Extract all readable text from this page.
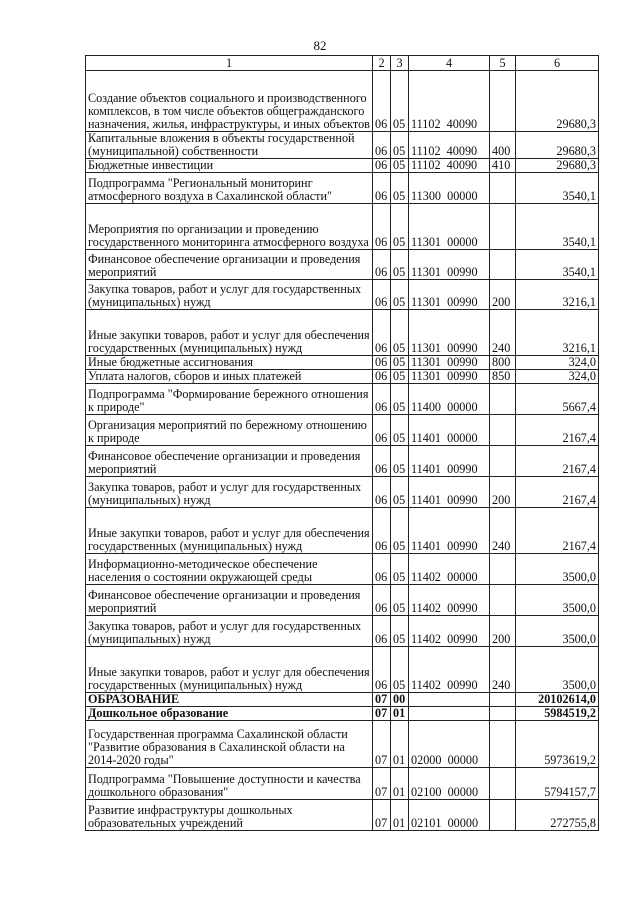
82
1	2	3	4	5	6
Создание объектов социального и производственного комплексов, в том числе объектов общегражданского назначения, жилья, инфраструктуры, и иных объектов	06	05	11102  40090		29680,3
Капитальные вложения в объекты государственной (муниципальной) собственности	06	05	11102  40090	400	29680,3
Бюджетные инвестиции	06	05	11102  40090	410	29680,3
Подпрограмма "Региональный мониторинг атмосферного воздуха в Сахалинской области"	06	05	11300  00000		3540,1
Мероприятия по организации и проведению государственного мониторинга атмосферного воздуха	06	05	11301  00000		3540,1
Финансовое обеспечение организации и проведения мероприятий	06	05	11301  00990		3540,1
Закупка товаров, работ и услуг для государственных (муниципальных) нужд	06	05	11301  00990	200	3216,1
Иные закупки товаров, работ и услуг для обеспечения государственных (муниципальных) нужд	06	05	11301  00990	240	3216,1
Иные бюджетные ассигнования	06	05	11301  00990	800	324,0
Уплата налогов, сборов и иных платежей	06	05	11301  00990	850	324,0
Подпрограмма "Формирование бережного отношения к природе"	06	05	11400  00000		5667,4
Организация мероприятий по бережному отношению к природе	06	05	11401  00000		2167,4
Финансовое обеспечение организации и проведения мероприятий	06	05	11401  00990		2167,4
Закупка товаров, работ и услуг для государственных (муниципальных) нужд	06	05	11401  00990	200	2167,4
Иные закупки товаров, работ и услуг для обеспечения государственных (муниципальных) нужд	06	05	11401  00990	240	2167,4
Информационно-методическое обеспечение населения о состоянии окружающей среды	06	05	11402  00000		3500,0
Финансовое обеспечение организации и проведения мероприятий	06	05	11402  00990		3500,0
Закупка товаров, работ и услуг для государственных (муниципальных) нужд	06	05	11402  00990	200	3500,0
Иные закупки товаров, работ и услуг для обеспечения государственных (муниципальных) нужд	06	05	11402  00990	240	3500,0
ОБРАЗОВАНИЕ	07	00			20102614,0
Дошкольное образование	07	01			5984519,2
Государственная программа Сахалинской области "Развитие образования в Сахалинской области на 2014-2020 годы"	07	01	02000  00000		5973619,2
Подпрограмма "Повышение доступности и качества дошкольного образования"	07	01	02100  00000		5794157,7
Развитие инфраструктуры дошкольных образовательных учреждений	07	01	02101  00000		272755,8
